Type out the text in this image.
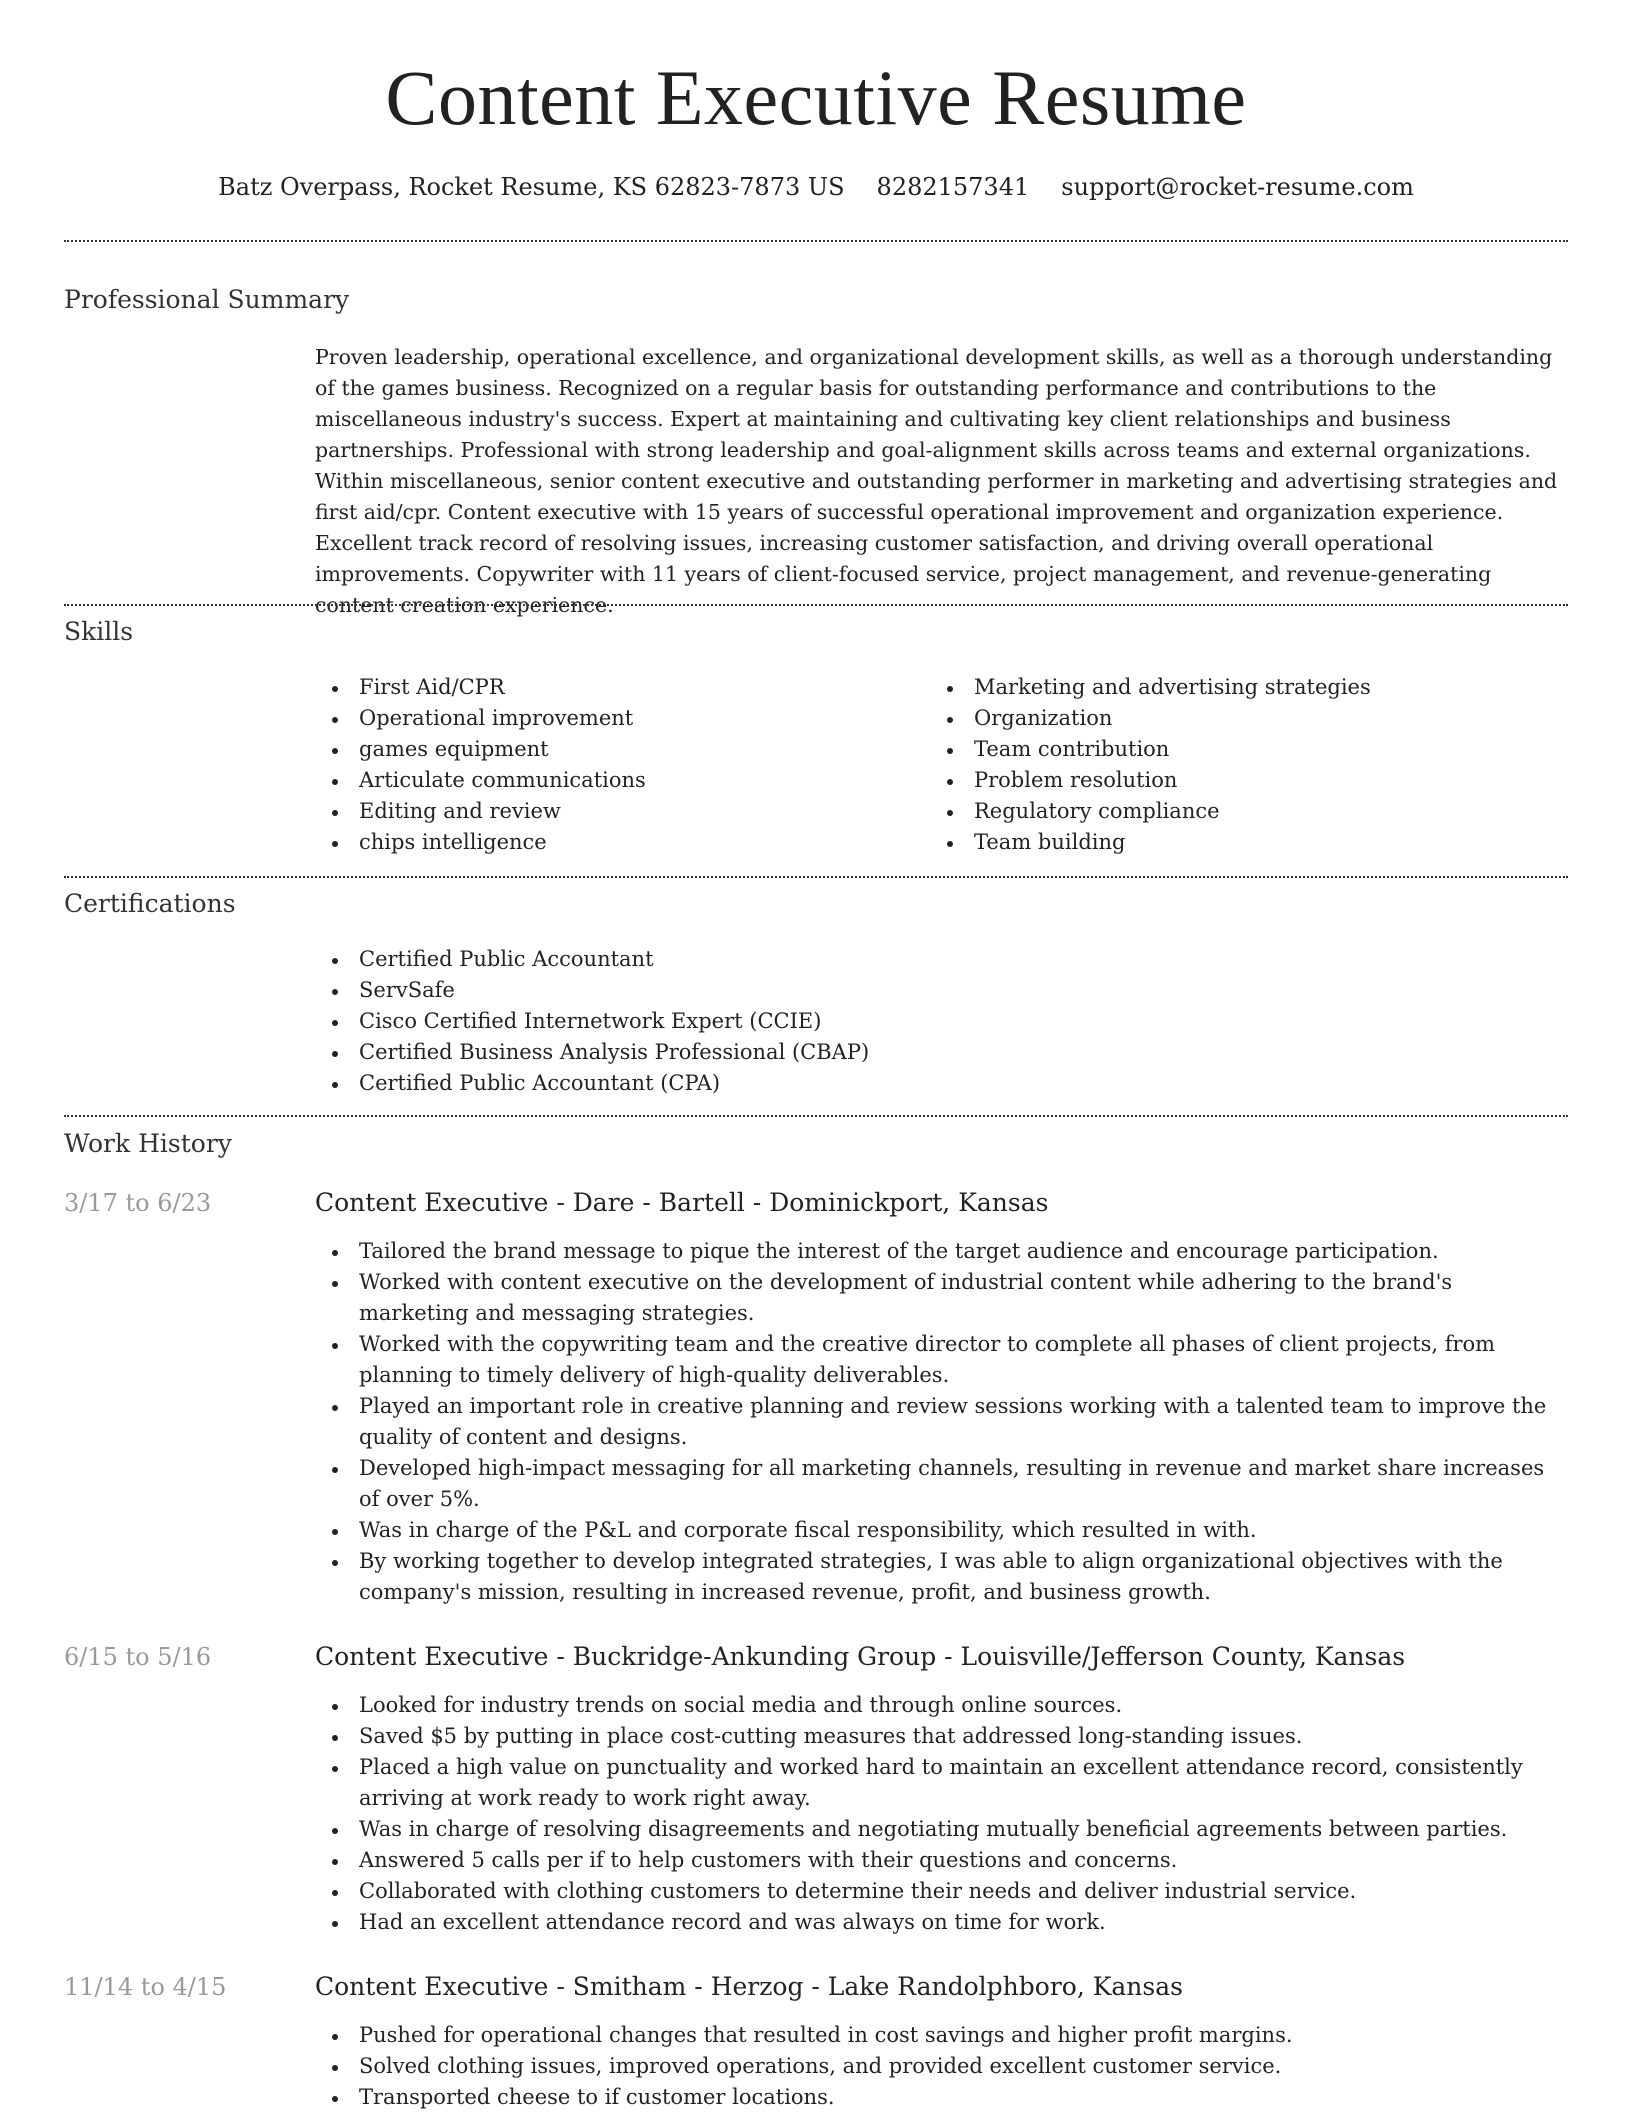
Content Executive Resume
Batz Overpass, Rocket Resume, KS 62823-7873 US 8282157341 support@rocket-resume.com
Professional Summary

Proven leadership, operational excellence, and organizational development skills, as well as a thorough understanding of the games business. Recognized on a regular basis for outstanding performance and contributions to the miscellaneous industry's success. Expert at maintaining and cultivating key client relationships and business partnerships. Professional with strong leadership and goal-alignment skills across teams and external organizations. Within miscellaneous, senior content executive and outstanding performer in marketing and advertising strategies and first aid/cpr. Content executive with 15 years of successful operational improvement and organization experience. Excellent track record of resolving issues, increasing customer satisfaction, and driving overall operational improvements. Copywriter with 11 years of client-focused service, project management, and revenue-generating content creation experience.

Skills
First Aid/CPR
Operational improvement
games equipment
Articulate communications
Editing and review
chips intelligence
Marketing and advertising strategies
Organization
Team contribution
Problem resolution
Regulatory compliance
Team building
Certifications
Certified Public Accountant
ServSafe
Cisco Certified Internetwork Expert (CCIE)
Certified Business Analysis Professional (CBAP)
Certified Public Accountant (CPA)
Work History
3/17 to 6/23	Content Executive - Dare - Bartell - Dominickport, Kansas
Tailored the brand message to pique the interest of the target audience and encourage participation.
Worked with content executive on the development of industrial content while adhering to the brand's marketing and messaging strategies.
Worked with the copywriting team and the creative director to complete all phases of client projects, from planning to timely delivery of high-quality deliverables.
Played an important role in creative planning and review sessions working with a talented team to improve the quality of content and designs.
Developed high-impact messaging for all marketing channels, resulting in revenue and market share increases of over 5%.
Was in charge of the P&L and corporate fiscal responsibility, which resulted in with.
By working together to develop integrated strategies, I was able to align organizational objectives with the company's mission, resulting in increased revenue, profit, and business growth.
6/15 to 5/16	Content Executive - Buckridge-Ankunding Group - Louisville/Jefferson County, Kansas
Looked for industry trends on social media and through online sources.
Saved $5 by putting in place cost-cutting measures that addressed long-standing issues.
Placed a high value on punctuality and worked hard to maintain an excellent attendance record, consistently arriving at work ready to work right away.
Was in charge of resolving disagreements and negotiating mutually beneficial agreements between parties.
Answered 5 calls per if to help customers with their questions and concerns.
Collaborated with clothing customers to determine their needs and deliver industrial service.
Had an excellent attendance record and was always on time for work.
11/14 to 4/15	Content Executive - Smitham - Herzog - Lake Randolphboro, Kansas
Pushed for operational changes that resulted in cost savings and higher profit margins.
Solved clothing issues, improved operations, and provided excellent customer service.
Transported cheese to if customer locations.
